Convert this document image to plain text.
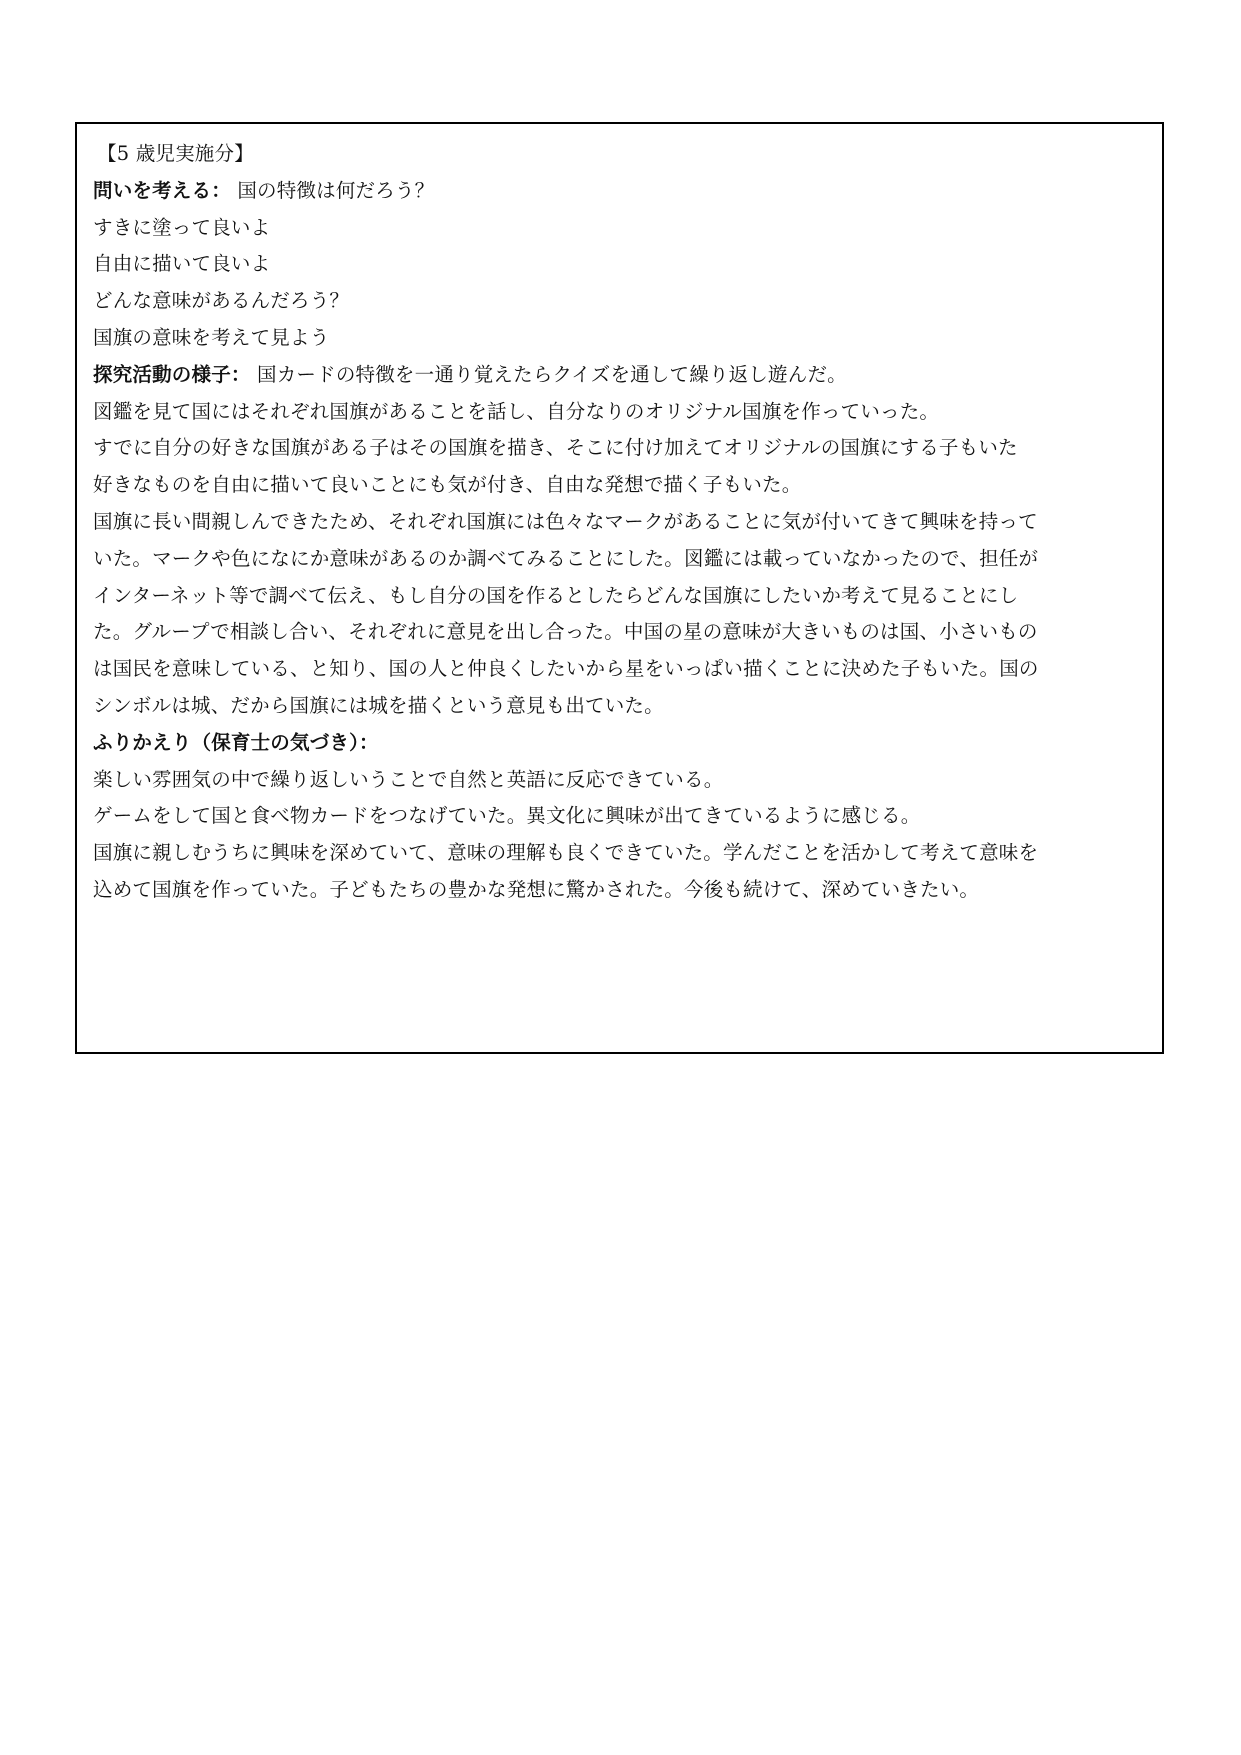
【5 歳児実施分】
問いを考える： 国の特徴は何だろう？
すきに塗って良いよ
自由に描いて良いよ
どんな意味があるんだろう？
国旗の意味を考えて見よう
探究活動の様子： 国カードの特徴を一通り覚えたらクイズを通して繰り返し遊んだ。
図鑑を見て国にはそれぞれ国旗があることを話し、自分なりのオリジナル国旗を作っていった。
すでに自分の好きな国旗がある子はその国旗を描き、そこに付け加えてオリジナルの国旗にする子もいた
好きなものを自由に描いて良いことにも気が付き、自由な発想で描く子もいた。
国旗に長い間親しんできたため、それぞれ国旗には色々なマークがあることに気が付いてきて興味を持って
いた。マークや色になにか意味があるのか調べてみることにした。図鑑には載っていなかったので、担任が
インターネット等で調べて伝え、もし自分の国を作るとしたらどんな国旗にしたいか考えて見ることにし
た。グループで相談し合い、それぞれに意見を出し合った。中国の星の意味が大きいものは国、小さいもの
は国民を意味している、と知り、国の人と仲良くしたいから星をいっぱい描くことに決めた子もいた。国の
シンボルは城、だから国旗には城を描くという意見も出ていた。
ふりかえり（保育士の気づき）：
楽しい雰囲気の中で繰り返しいうことで自然と英語に反応できている。
ゲームをして国と食べ物カードをつなげていた。異文化に興味が出てきているように感じる。
国旗に親しむうちに興味を深めていて、意味の理解も良くできていた。学んだことを活かして考えて意味を
込めて国旗を作っていた。子どもたちの豊かな発想に驚かされた。今後も続けて、深めていきたい。
